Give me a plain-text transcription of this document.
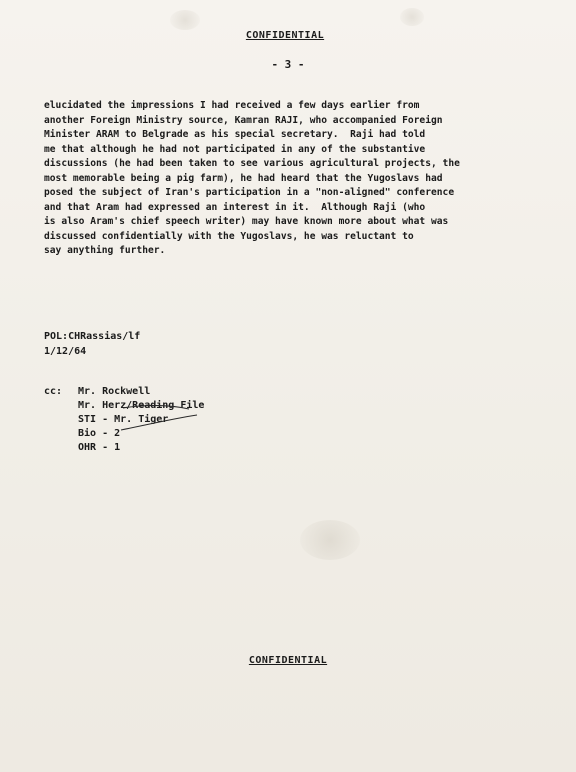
CONFIDENTIAL
- 3 -
elucidated the impressions I had received a few days earlier from
another Foreign Ministry source, Kamran RAJI, who accompanied Foreign
Minister ARAM to Belgrade as his special secretary.  Raji had told
me that although he had not participated in any of the substantive
discussions (he had been taken to see various agricultural projects, the
most memorable being a pig farm), he had heard that the Yugoslavs had
posed the subject of Iran's participation in a "non-aligned" conference
and that Aram had expressed an interest in it.  Although Raji (who
is also Aram's chief speech writer) may have known more about what was
discussed confidentially with the Yugoslavs, he was reluctant to
say anything further.
POL:CHRassias/lf
1/12/64
cc: Mr. Rockwell
Mr. Herz/Reading File
STI - Mr. Tiger
Bio - 2
OHR - 1
CONFIDENTIAL
